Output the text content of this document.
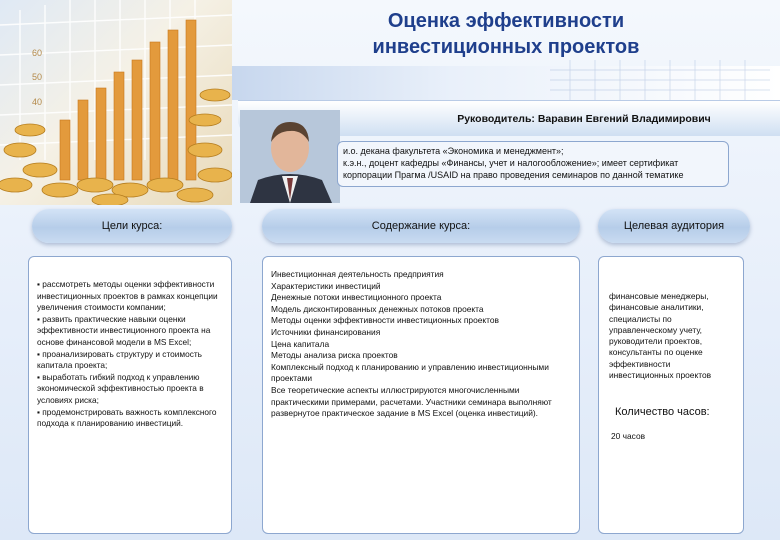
60
50
40
Оценка эффективности
инвестиционных проектов
Руководитель: Варавин Евгений Владимирович

и.о. декана факультета «Экономика и менеджмент»;
к.э.н., доцент кафедры «Финансы, учет и налогообложение»; имеет сертификат корпорации Прагма /USAID на право проведения семинаров по данной тематике

Цели курса:	Содержание курса:	Целевая аудитория

▪ рассмотреть методы оценки эффективности инвестиционных проектов в рамках концепции увеличения стоимости компании;
▪ развить практические навыки оценки эффективности инвестиционного проекта на основе финансовой модели в MS Excel;
▪ проанализировать структуру и стоимость капитала проекта;
▪ выработать гибкий подход к управлению экономической эффективностью проекта в условиях риска;
▪ продемонстрировать важность комплексного подхода к планированию инвестиций.

Инвестиционная деятельность предприятия
Характеристики инвестиций
Денежные потоки инвестиционного проекта
Модель дисконтированных денежных потоков проекта
Методы оценки эффективности инвестиционных проектов
Источники финансирования
Цена капитала
Методы анализа риска проектов
Комплексный подход к планированию и управлению инвестиционными проектами
Все теоретические аспекты иллюстрируются многочисленными практическими примерами, расчетами. Участники семинара выполняют развернутое практическое задание в MS Excel (оценка инвестиций).

финансовые менеджеры, финансовые аналитики, специалисты по управленческому учету, руководители проектов, консультанты по оценке эффективности инвестиционных проектов

Количество часов:
20 часов
